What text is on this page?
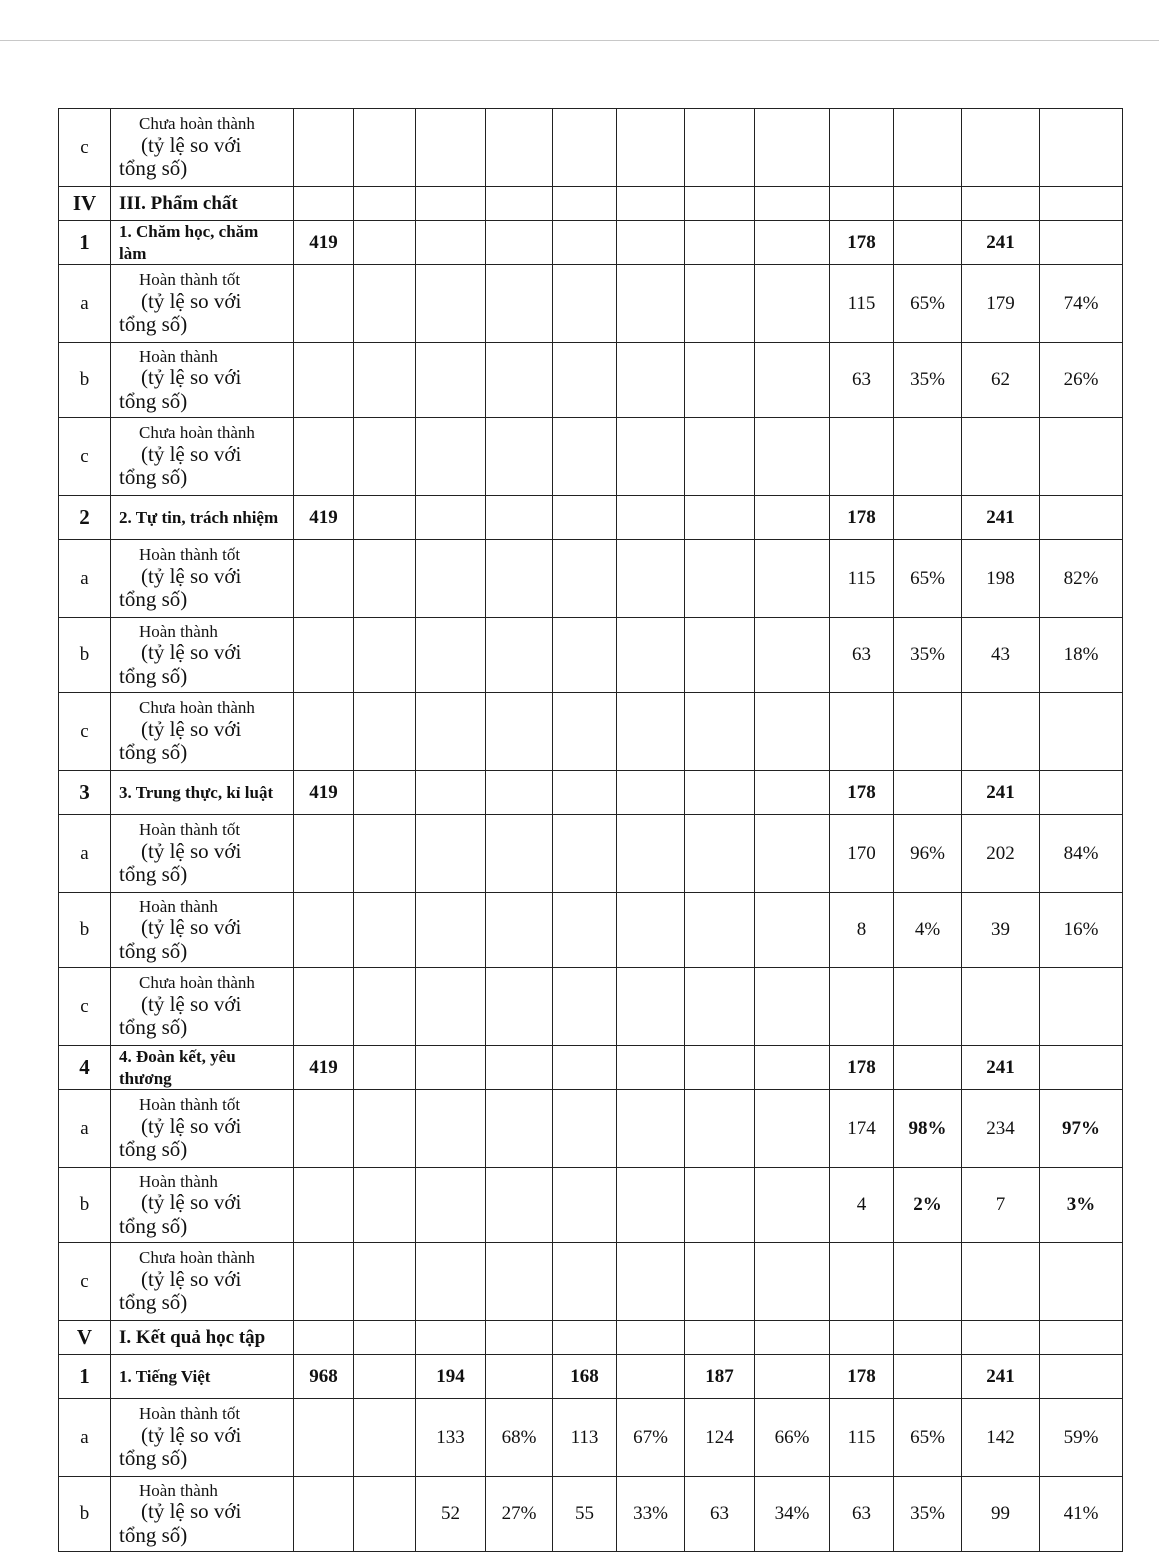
c	Chưa hoàn thành
(tỷ lệ so với
tổng số)												

IV	III. Phẩm chất												
1	1. Chăm học, chăm làm	419								178		241	
a	Hoàn thành tốt
(tỷ lệ so với
tổng số)									115	65%	179	74%
b	Hoàn thành
(tỷ lệ so với
tổng số)									63	35%	62	26%
c	Chưa hoàn thành
(tỷ lệ so với
tổng số)												

2	2. Tự tin, trách nhiệm	419								178		241	
a	Hoàn thành tốt
(tỷ lệ so với
tổng số)									115	65%	198	82%
b	Hoàn thành
(tỷ lệ so với
tổng số)									63	35%	43	18%
c	Chưa hoàn thành
(tỷ lệ so với
tổng số)												

3	3. Trung thực, kỉ luật	419								178		241	
a	Hoàn thành tốt
(tỷ lệ so với
tổng số)									170	96%	202	84%
b	Hoàn thành
(tỷ lệ so với
tổng số)									8	4%	39	16%
c	Chưa hoàn thành
(tỷ lệ so với
tổng số)												

4	4. Đoàn kết, yêu thương	419								178		241	
a	Hoàn thành tốt
(tỷ lệ so với
tổng số)									174	98%	234	97%
b	Hoàn thành
(tỷ lệ so với
tổng số)									4	2%	7	3%
c	Chưa hoàn thành
(tỷ lệ so với
tổng số)												

V	I. Kết quả học tập												
1	1. Tiếng Việt	968		194		168		187		178		241	
a	Hoàn thành tốt
(tỷ lệ so với
tổng số)			133	68%	113	67%	124	66%	115	65%	142	59%
b	Hoàn thành
(tỷ lệ so với
tổng số)			52	27%	55	33%	63	34%	63	35%	99	41%
